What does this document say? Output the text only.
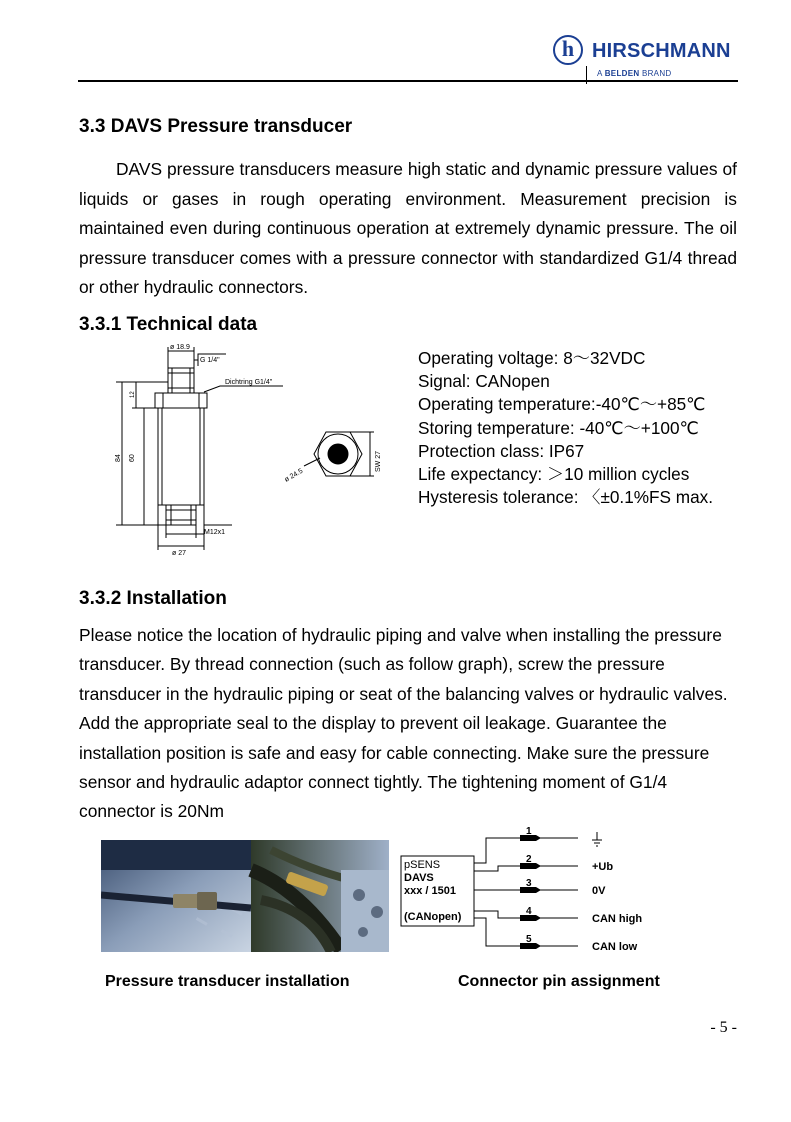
h HIRSCHMANN
A BELDEN BRAND
3.3 DAVS Pressure transducer
DAVS pressure transducers measure high static and dynamic pressure values of liquids or gases in rough operating environment. Measurement precision is maintained even during continuous operation at extremely dynamic pressure. The oil pressure transducer comes with a pressure connector with standardized G1/4 thread or other hydraulic connectors.
3.3.1 Technical data
ø 18.9
G 1/4"
Dichtring G1/4"
12
84 60
M12x1
ø 27
ø 24.5
SW 27
Operating voltage: 8～32VDC
Signal: CANopen
Operating temperature:-40℃～+85℃
Storing temperature: -40℃～+100℃
Protection class: IP67
Life expectancy: ＞10 million cycles
Hysteresis tolerance: 〈±0.1%FS max.
3.3.2 Installation
Please notice the location of hydraulic piping and valve when installing the pressure transducer. By thread connection (such as follow graph), screw the pressure transducer in the hydraulic piping or seat of the balancing valves or hydraulic valves. Add the appropriate seal to the display to prevent oil leakage. Guarantee the installation position is safe and easy for cable connecting. Make sure the pressure sensor and hydraulic adaptor connect tightly. The tightening moment of G1/4 connector is 20Nm
pSENS
DAVS
xxx / 1501
(CANopen)
1
2
3
4
5
⏚
+Ub
0V
CAN high
CAN low
Pressure transducer installation	Connector pin assignment
- 5 -
